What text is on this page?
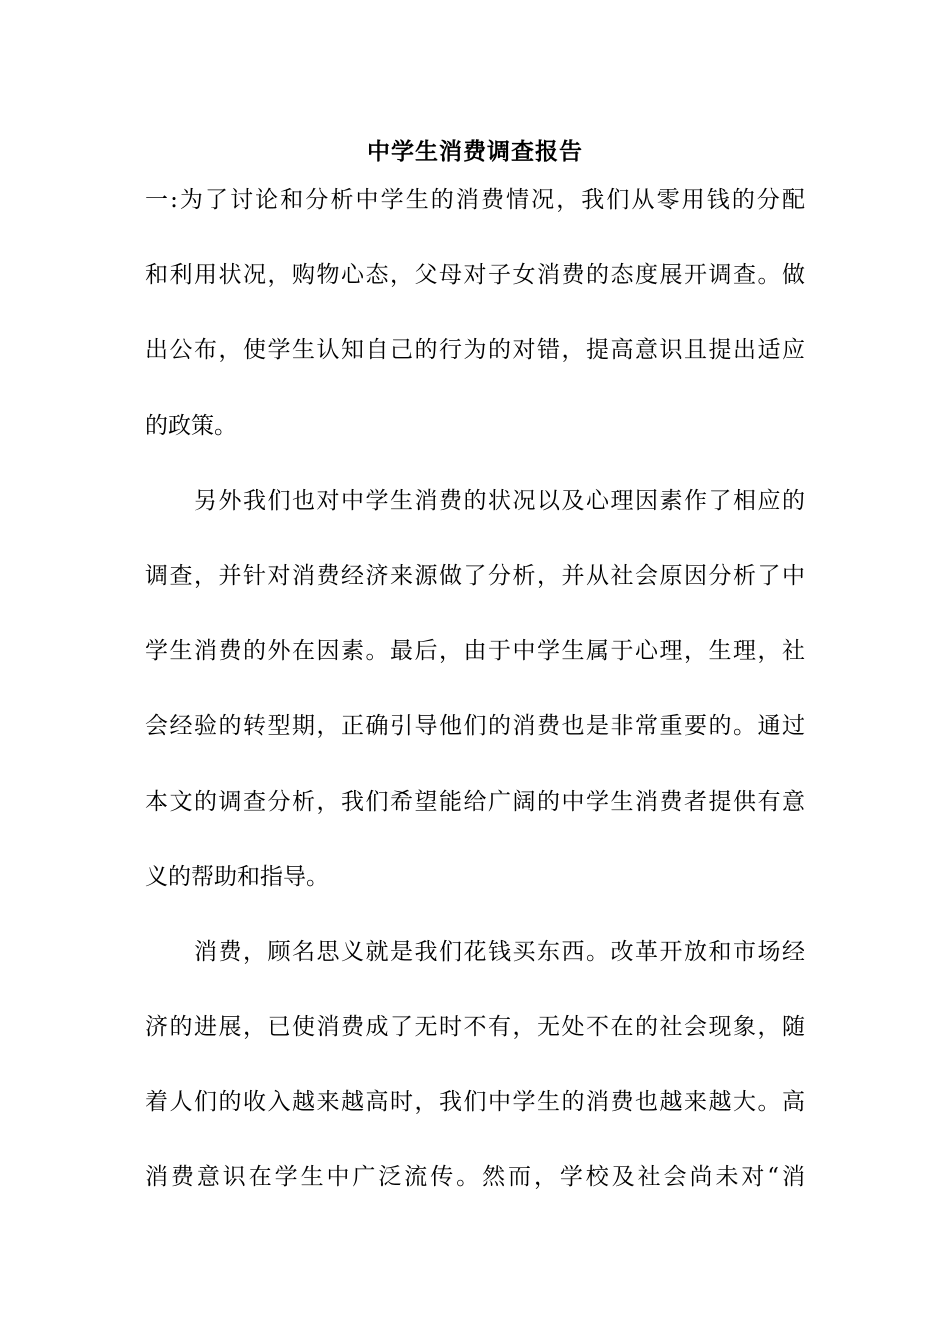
中学生消费调查报告
一:为了讨论和分析中学生的消费情况，我们从零用钱的分配
和利用状况，购物心态，父母对子女消费的态度展开调查。做
出公布，使学生认知自己的行为的对错，提高意识且提出适应
的政策。
　　另外我们也对中学生消费的状况以及心理因素作了相应的
调查，并针对消费经济来源做了分析，并从社会原因分析了中
学生消费的外在因素。最后，由于中学生属于心理，生理，社
会经验的转型期，正确引导他们的消费也是非常重要的。通过
本文的调查分析，我们希望能给广阔的中学生消费者提供有意
义的帮助和指导。
　　消费，顾名思义就是我们花钱买东西。改革开放和市场经
济的进展，已使消费成了无时不有，无处不在的社会现象，随
着人们的收入越来越高时，我们中学生的消费也越来越大。高
消费意识在学生中广泛流传。然而，学校及社会尚未对“消
